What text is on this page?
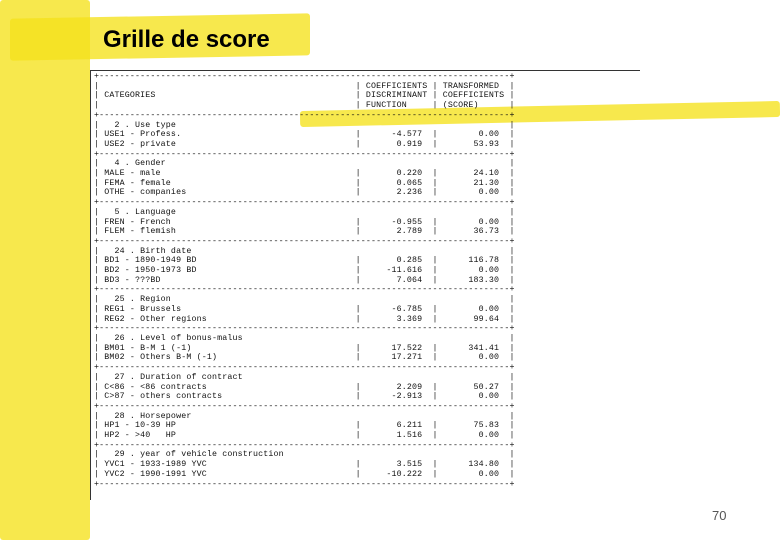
Grille de score
+--------------------------------------------------------------------------------+
|                                                  | COEFFICIENTS | TRANSFORMED  |
| CATEGORIES                                       | DISCRIMINANT | COEFFICIENTS |
|                                                  | FUNCTION     | (SCORE)      |
+--------------------------------------------------------------------------------+
|   2 . Use type                                                                 |
| USE1 - Profess.                                  |      -4.577  |        0.00  |
| USE2 - private                                   |       0.919  |       53.93  |
+--------------------------------------------------------------------------------+
|   4 . Gender                                                                   |
| MALE - male                                      |       0.220  |       24.10  |
| FEMA - female                                    |       0.065  |       21.30  |
| OTHE - companies                                 |       2.236  |        0.00  |
+--------------------------------------------------------------------------------+
|   5 . Language                                                                 |
| FREN - French                                    |      -0.955  |        0.00  |
| FLEM - flemish                                   |       2.789  |       36.73  |
+--------------------------------------------------------------------------------+
|   24 . Birth date                                                              |
| BD1 - 1890-1949 BD                               |       0.285  |      116.78  |
| BD2 - 1950-1973 BD                               |     -11.616  |        0.00  |
| BD3 - ???BD                                      |       7.064  |      183.30  |
+--------------------------------------------------------------------------------+
|   25 . Region                                                                  |
| REG1 - Brussels                                  |      -6.785  |        0.00  |
| REG2 - Other regions                             |       3.369  |       99.64  |
+--------------------------------------------------------------------------------+
|   26 . Level of bonus-malus                                                    |
| BM01 - B-M 1 (-1)                                |      17.522  |      341.41  |
| BM02 - Others B-M (-1)                           |      17.271  |        0.00  |
+--------------------------------------------------------------------------------+
|   27 . Duration of contract                                                    |
| C<86 - <86 contracts                             |       2.209  |       50.27  |
| C>87 - others contracts                          |      -2.913  |        0.00  |
+--------------------------------------------------------------------------------+
|   28 . Horsepower                                                              |
| HP1 - 10-39 HP                                   |       6.211  |       75.83  |
| HP2 - >40   HP                                   |       1.516  |        0.00  |
+--------------------------------------------------------------------------------+
|   29 . year of vehicle construction                                            |
| YVC1 - 1933-1989 YVC                             |       3.515  |      134.80  |
| YVC2 - 1990-1991 YVC                             |     -10.222  |        0.00  |
+--------------------------------------------------------------------------------+
70
